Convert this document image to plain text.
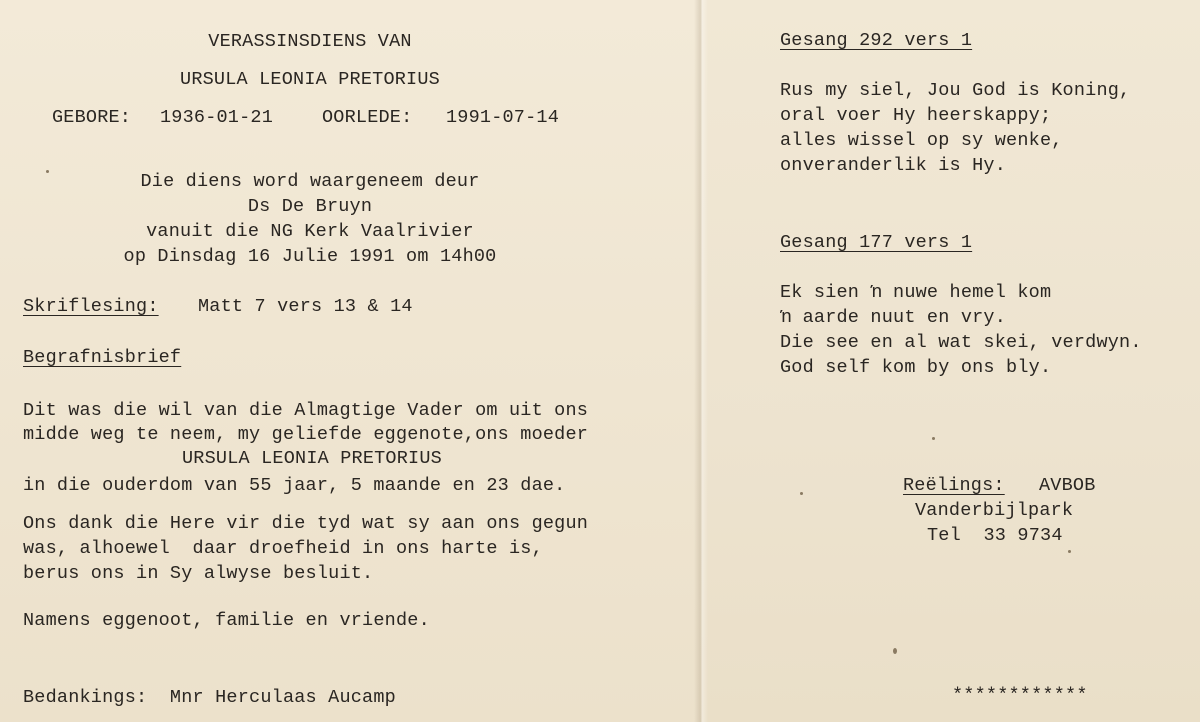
VERASSINSDIENS VAN
URSULA LEONIA PRETORIUS
GEBORE: 1936-01-21	OORLEDE: 1991-07-14
Die diens word waargeneem deur
Ds De Bruyn
vanuit die NG Kerk Vaalrivier
op Dinsdag 16 Julie 1991 om 14h00
Skriflesing: Matt 7 vers 13 & 14
Begrafnisbrief
Dit was die wil van die Almagtige Vader om uit ons
midde weg te neem, my geliefde eggenote,ons moeder
URSULA LEONIA PRETORIUS
in die ouderdom van 55 jaar, 5 maande en 23 dae.
Ons dank die Here vir die tyd wat sy aan ons gegun
was, alhoewel  daar droefheid in ons harte is,
berus ons in Sy alwyse besluit.
Namens eggenoot, familie en vriende.
Bedankings:  Mnr Herculaas Aucamp
Gesang 292 vers 1
Rus my siel, Jou God is Koning,
oral voer Hy heerskappy;
alles wissel op sy wenke,
onveranderlik is Hy.
Gesang 177 vers 1
Ek sien ŉ nuwe hemel kom
ŉ aarde nuut en vry.
Die see en al wat skei, verdwyn.
God self kom by ons bly.
Reëlings: AVBOB
Vanderbijlpark
Tel  33 9734
************
